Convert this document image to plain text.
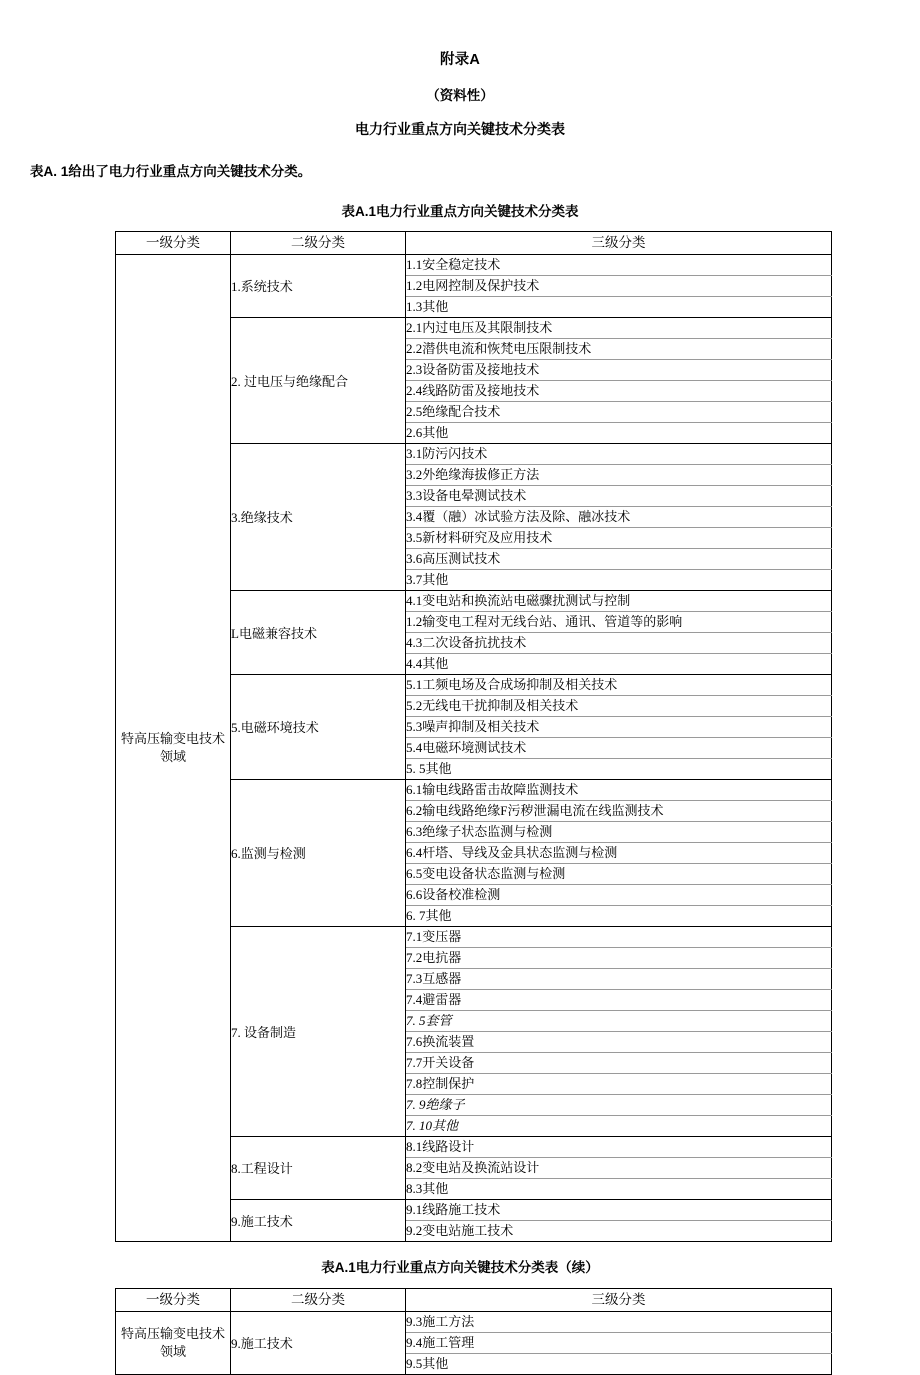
附录A
（资料性）
电力行业重点方向关键技术分类表
表A. 1给出了电力行业重点方向关键技术分类。
表A.1电力行业重点方向关键技术分类表
一级分类	二级分类	三级分类

特高压输变电技术
领域	1.系统技术	1.1安全稳定技术
		1.2电网控制及保护技术
		1.3其他
	2. 过电压与绝缘配合	2.1内过电压及其限制技术
		2.2潜供电流和恢梵电压限制技术
		2.3设备防雷及接地技术
		2.4线路防雷及接地技术
		2.5绝缘配合技术
		2.6其他
	3.绝缘技术	3.1防污闪技术
		3.2外绝缘海拔修正方法
		3.3设备电晕测试技术
		3.4覆（融）冰试验方法及除、融冰技术
		3.5新材料研究及应用技术
		3.6高压测试技术
		3.7其他
	L电磁兼容技术	4.1变电站和换流站电磁骤扰测试与控制
		1.2输变电工程对无线台站、通讯、管道等的影响
		4.3二次设备抗扰技术
		4.4其他
	5.电磁环境技术	5.1工频电场及合成场抑制及相关技术
		5.2无线电干扰抑制及相关技术
		5.3噪声抑制及相关技术
		5.4电磁环境测试技术
		5. 5其他
	6.监测与检测	6.1输电线路雷击故障监测技术
		6.2输电线路绝缘F污秽泄漏电流在线监测技术
		6.3绝缘子状态监测与检测
		6.4杆塔、导线及金具状态监测与检测
		6.5变电设备状态监测与检测
		6.6设备校准检测
		6. 7其他
	7. 设备制造	7.1变压器
		7.2电抗器
		7.3互感器
		7.4避雷器
		7. 5套管
		7.6换流装置
		7.7开关设备
		7.8控制保护
		7. 9绝缘子
		7. 10其他
	8.工程设计	8.1线路设计
		8.2变电站及换流站设计
		8.3其他
	9.施工技术	9.1线路施工技术
		9.2变电站施工技术
表A.1电力行业重点方向关键技术分类表（续）
一级分类	二级分类	三级分类

特高压输变电技术
领域	9.施工技术	9.3施工方法
		9.4施工管理
		9.5其他
